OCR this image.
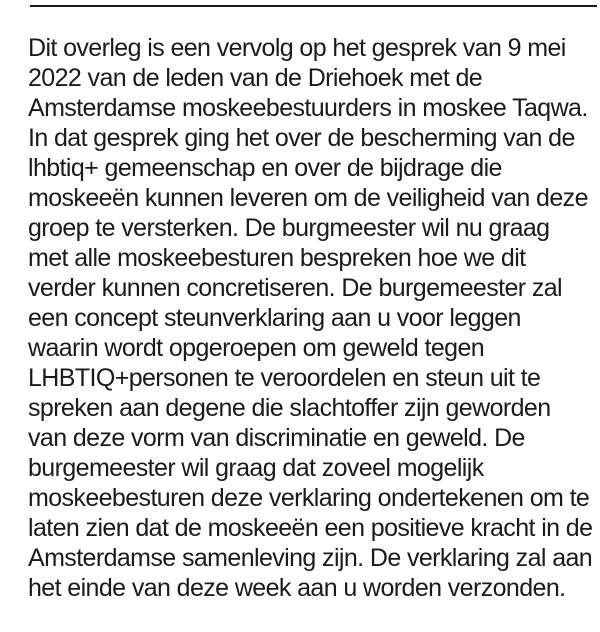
Dit overleg is een vervolg op het gesprek van 9 mei
2022 van de leden van de Driehoek met de
Amsterdamse moskeebestuurders in moskee Taqwa.
In dat gesprek ging het over de bescherming van de
lhbtiq+ gemeenschap en over de bijdrage die
moskeeën kunnen leveren om de veiligheid van deze
groep te versterken. De burgmeester wil nu graag
met alle moskeebesturen bespreken hoe we dit
verder kunnen concretiseren. De burgemeester zal
een concept steunverklaring aan u voor leggen
waarin wordt opgeroepen om geweld tegen
LHBTIQ+personen te veroordelen en steun uit te
spreken aan degene die slachtoffer zijn geworden
van deze vorm van discriminatie en geweld. De
burgemeester wil graag dat zoveel mogelijk
moskeebesturen deze verklaring ondertekenen om te
laten zien dat de moskeeën een positieve kracht in de
Amsterdamse samenleving zijn. De verklaring zal aan
het einde van deze week aan u worden verzonden.
